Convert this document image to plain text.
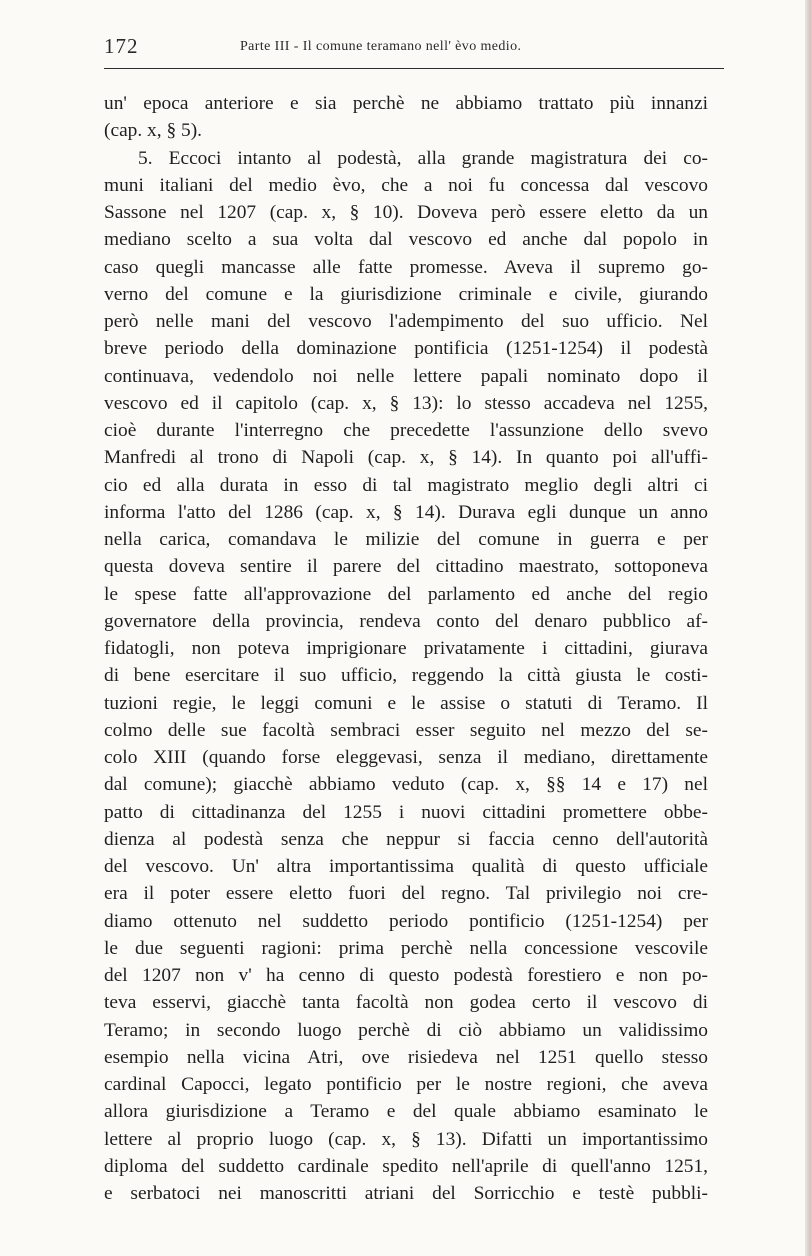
172	Parte III - Il comune teramano nell' èvo medio.
un' epoca anteriore e sia perchè ne abbiamo trattato più innanzi
(cap. x, § 5).
5. Eccoci intanto al podestà, alla grande magistratura dei co-
muni italiani del medio èvo, che a noi fu concessa dal vescovo
Sassone nel 1207 (cap. x, § 10). Doveva però essere eletto da un
mediano scelto a sua volta dal vescovo ed anche dal popolo in
caso quegli mancasse alle fatte promesse. Aveva il supremo go-
verno del comune e la giurisdizione criminale e civile, giurando
però nelle mani del vescovo l'adempimento del suo ufficio. Nel
breve periodo della dominazione pontificia (1251-1254) il podestà
continuava, vedendolo noi nelle lettere papali nominato dopo il
vescovo ed il capitolo (cap. x, § 13): lo stesso accadeva nel 1255,
cioè durante l'interregno che precedette l'assunzione dello svevo
Manfredi al trono di Napoli (cap. x, § 14). In quanto poi all'uffi-
cio ed alla durata in esso di tal magistrato meglio degli altri ci
informa l'atto del 1286 (cap. x, § 14). Durava egli dunque un anno
nella carica, comandava le milizie del comune in guerra e per
questa doveva sentire il parere del cittadino maestrato, sottoponeva
le spese fatte all'approvazione del parlamento ed anche del regio
governatore della provincia, rendeva conto del denaro pubblico af-
fidatogli, non poteva imprigionare privatamente i cittadini, giurava
di bene esercitare il suo ufficio, reggendo la città giusta le costi-
tuzioni regie, le leggi comuni e le assise o statuti di Teramo. Il
colmo delle sue facoltà sembraci esser seguito nel mezzo del se-
colo XIII (quando forse eleggevasi, senza il mediano, direttamente
dal comune); giacchè abbiamo veduto (cap. x, §§ 14 e 17) nel
patto di cittadinanza del 1255 i nuovi cittadini promettere obbe-
dienza al podestà senza che neppur si faccia cenno dell'autorità
del vescovo. Un' altra importantissima qualità di questo ufficiale
era il poter essere eletto fuori del regno. Tal privilegio noi cre-
diamo ottenuto nel suddetto periodo pontificio (1251-1254) per
le due seguenti ragioni: prima perchè nella concessione vescovile
del 1207 non v' ha cenno di questo podestà forestiero e non po-
teva esservi, giacchè tanta facoltà non godea certo il vescovo di
Teramo; in secondo luogo perchè di ciò abbiamo un validissimo
esempio nella vicina Atri, ove risiedeva nel 1251 quello stesso
cardinal Capocci, legato pontificio per le nostre regioni, che aveva
allora giurisdizione a Teramo e del quale abbiamo esaminato le
lettere al proprio luogo (cap. x, § 13). Difatti un importantissimo
diploma del suddetto cardinale spedito nell'aprile di quell'anno 1251,
e serbatoci nei manoscritti atriani del Sorricchio e testè pubbli-
